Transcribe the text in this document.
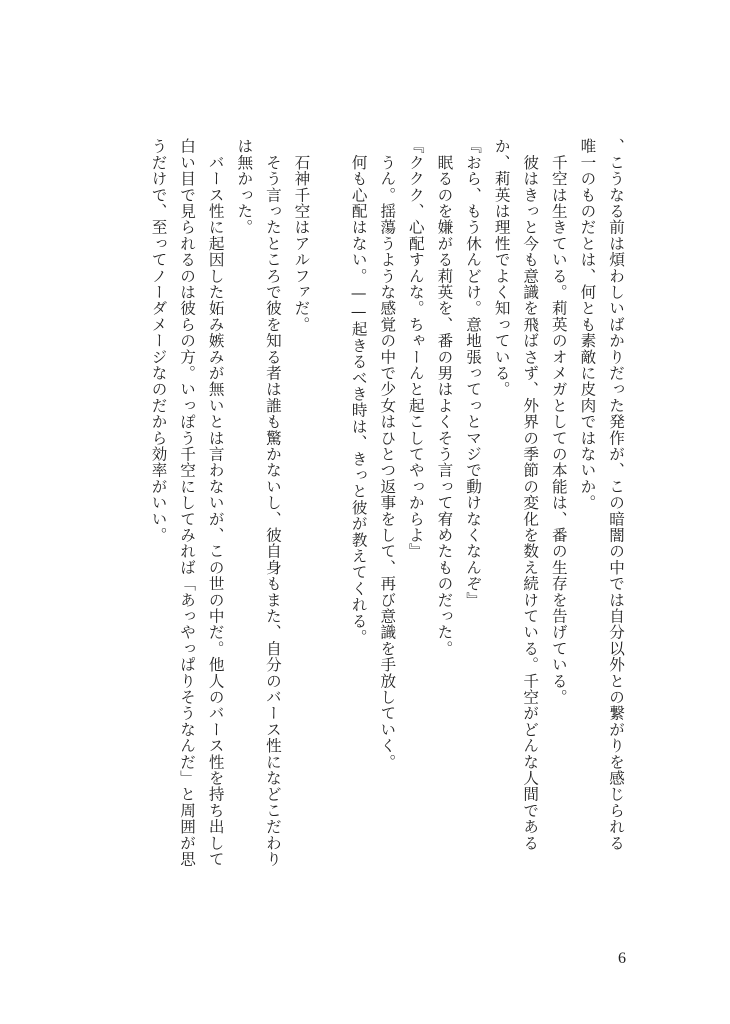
、こうなる前は煩わしいばかりだった発作が、この暗闇の中では自分以外との繋がりを感じられる

唯一のものだとは、何とも素敵に皮肉ではないか。

　千空は生きている。莉英のオメガとしての本能は、番の生存を告げている。

　彼はきっと今も意識を飛ばさず、外界の季節の変化を数え続けている。千空がどんな人間である

か、莉英は理性でよく知っている。

『おら、もう休んどけ。意地張ってっとマジで動けなくなんぞ』

　眠るのを嫌がる莉英を、番の男はよくそう言って宥めたものだった。

『ククク、心配すんな。ちゃーんと起こしてやっからよ』

　うん。揺蕩うような感覚の中で少女はひとつ返事をして、再び意識を手放していく。

　何も心配はない。——起きるべき時は、きっと彼が教えてくれる。

　石神千空はアルファだ。

　そう言ったところで彼を知る者は誰も驚かないし、彼自身もまた、自分のバース性になどこだわり

は無かった。

　バース性に起因した妬み嫉みが無いとは言わないが、この世の中だ。他人のバース性を持ち出して

白い目で見られるのは彼らの方。いっぽう千空にしてみれば「あっやっぱりそうなんだ」と周囲が思

うだけで、至ってノーダメージなのだから効率がいい。

6
